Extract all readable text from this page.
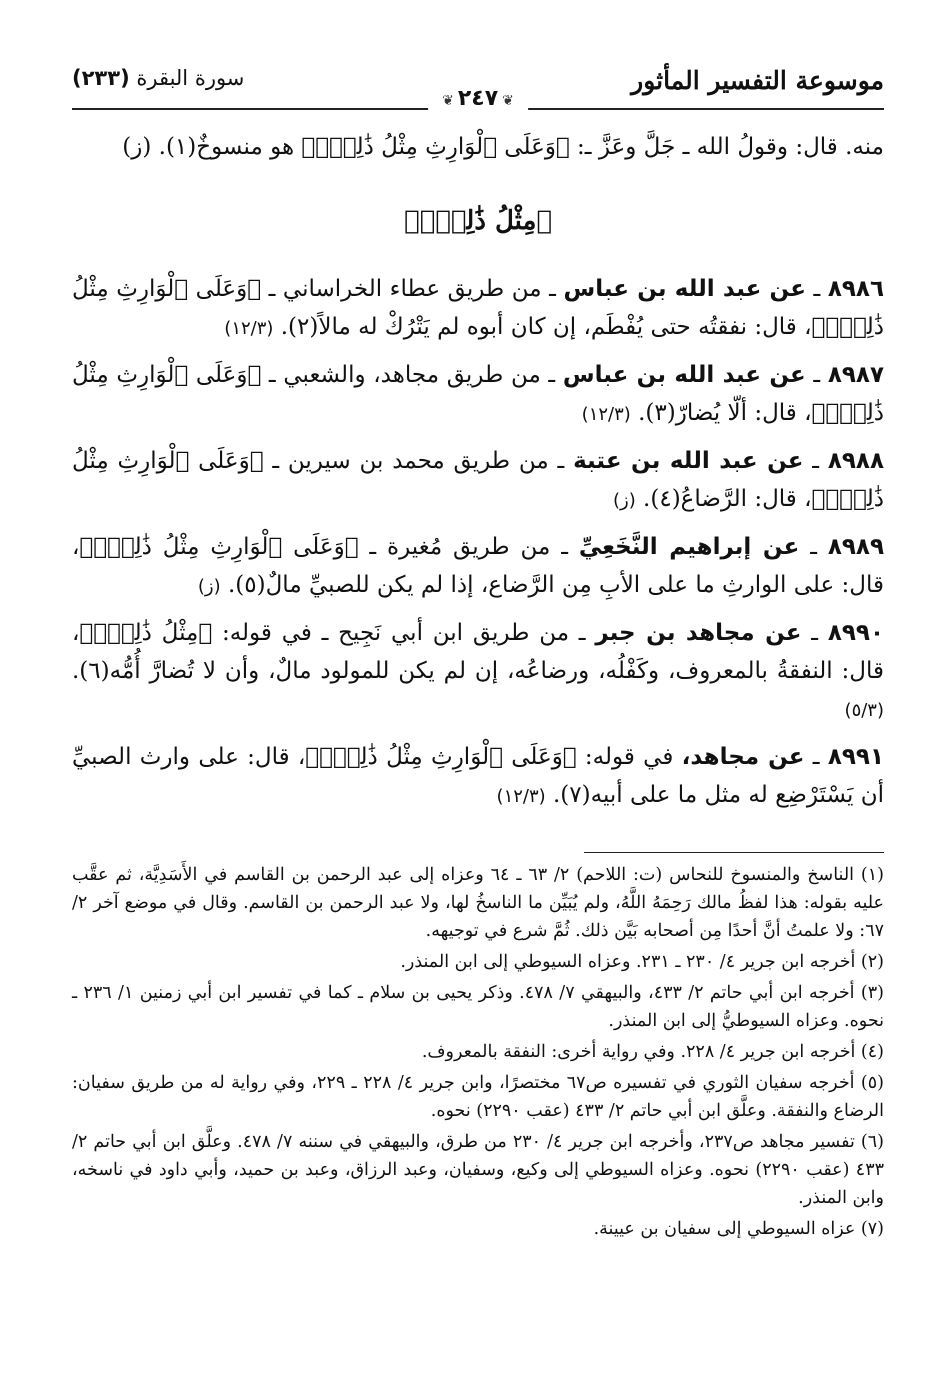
موسوعة التفسير المأثور
❦٢٤٧❦
سورة البقرة (٢٣٣)

منه. قال: وقولُ الله ـ جَلَّ وعَزَّ ـ: ﴿وَعَلَى ٱلْوَارِثِ مِثْلُ ذَٰلِكَۗ﴾ هو منسوخٌ(١). (ز)

﴿مِثْلُ ذَٰلِكَۗ﴾

٨٩٨٦ ـ عن عبد الله بن عباس ـ من طريق عطاء الخراساني ـ ﴿وَعَلَى ٱلْوَارِثِ مِثْلُ ذَٰلِكَۗ﴾، قال: نفقتُه حتى يُفْطَم، إن كان أبوه لم يَتْرُكْ له مالاً(٢). (١٢/٣)

٨٩٨٧ ـ عن عبد الله بن عباس ـ من طريق مجاهد، والشعبي ـ ﴿وَعَلَى ٱلْوَارِثِ مِثْلُ ذَٰلِكَۗ﴾، قال: ألّا يُضارّ(٣). (١٢/٣)

٨٩٨٨ ـ عن عبد الله بن عتبة ـ من طريق محمد بن سيرين ـ ﴿وَعَلَى ٱلْوَارِثِ مِثْلُ ذَٰلِكَۗ﴾، قال: الرَّضاعُ(٤). (ز)

٨٩٨٩ ـ عن إبراهيم النَّخَعِيِّ ـ من طريق مُغيرة ـ ﴿وَعَلَى ٱلْوَارِثِ مِثْلُ ذَٰلِكَۗ﴾، قال: على الوارثِ ما على الأبِ مِن الرَّضاع، إذا لم يكن للصبيِّ مالٌ(٥). (ز)

٨٩٩٠ ـ عن مجاهد بن جبر ـ من طريق ابن أبي نَجِيح ـ في قوله: ﴿مِثْلُ ذَٰلِكَۗ﴾، قال: النفقةُ بالمعروف، وكَفْلُه، ورضاعُه، إن لم يكن للمولود مالٌ، وأن لا تُضارَّ أُمُّه(٦). (٥/٣)

٨٩٩١ ـ عن مجاهد، في قوله: ﴿وَعَلَى ٱلْوَارِثِ مِثْلُ ذَٰلِكَۗ﴾، قال: على وارث الصبيِّ أن يَسْتَرْضِع له مثل ما على أبيه(٧). (١٢/٣)

(١) الناسخ والمنسوخ للنحاس (ت: اللاحم) ٢/ ٦٣ ـ ٦٤ وعزاه إلى عبد الرحمن بن القاسم في الأَسَدِيَّة، ثم عقَّب عليه بقوله: هذا لفظُ مالك رَحِمَهُ اللَّهُ، ولم يُبَيِّن ما الناسخُ لها، ولا عبد الرحمن بن القاسم. وقال في موضع آخر ٢/ ٦٧: ولا علمتُ أنَّ أحدًا مِن أصحابه بَيَّن ذلك. ثُمَّ شرع في توجيهه.

(٢) أخرجه ابن جرير ٤/ ٢٣٠ ـ ٢٣١. وعزاه السيوطي إلى ابن المنذر.

(٣) أخرجه ابن أبي حاتم ٢/ ٤٣٣، والبيهقي ٧/ ٤٧٨. وذكر يحيى بن سلام ـ كما في تفسير ابن أبي زمنين ١/ ٢٣٦ ـ نحوه. وعزاه السيوطيُّ إلى ابن المنذر.

(٤) أخرجه ابن جرير ٤/ ٢٢٨. وفي رواية أخرى: النفقة بالمعروف.

(٥) أخرجه سفيان الثوري في تفسيره ص٦٧ مختصرًا، وابن جرير ٤/ ٢٢٨ ـ ٢٢٩، وفي رواية له من طريق سفيان: الرضاع والنفقة. وعلَّق ابن أبي حاتم ٢/ ٤٣٣ (عقب ٢٢٩٠) نحوه.

(٦) تفسير مجاهد ص٢٣٧، وأخرجه ابن جرير ٤/ ٢٣٠ من طرق، والبيهقي في سننه ٧/ ٤٧٨. وعلَّق ابن أبي حاتم ٢/ ٤٣٣ (عقب ٢٢٩٠) نحوه. وعزاه السيوطي إلى وكيع، وسفيان، وعبد الرزاق، وعبد بن حميد، وأبي داود في ناسخه، وابن المنذر.

(٧) عزاه السيوطي إلى سفيان بن عيينة.
